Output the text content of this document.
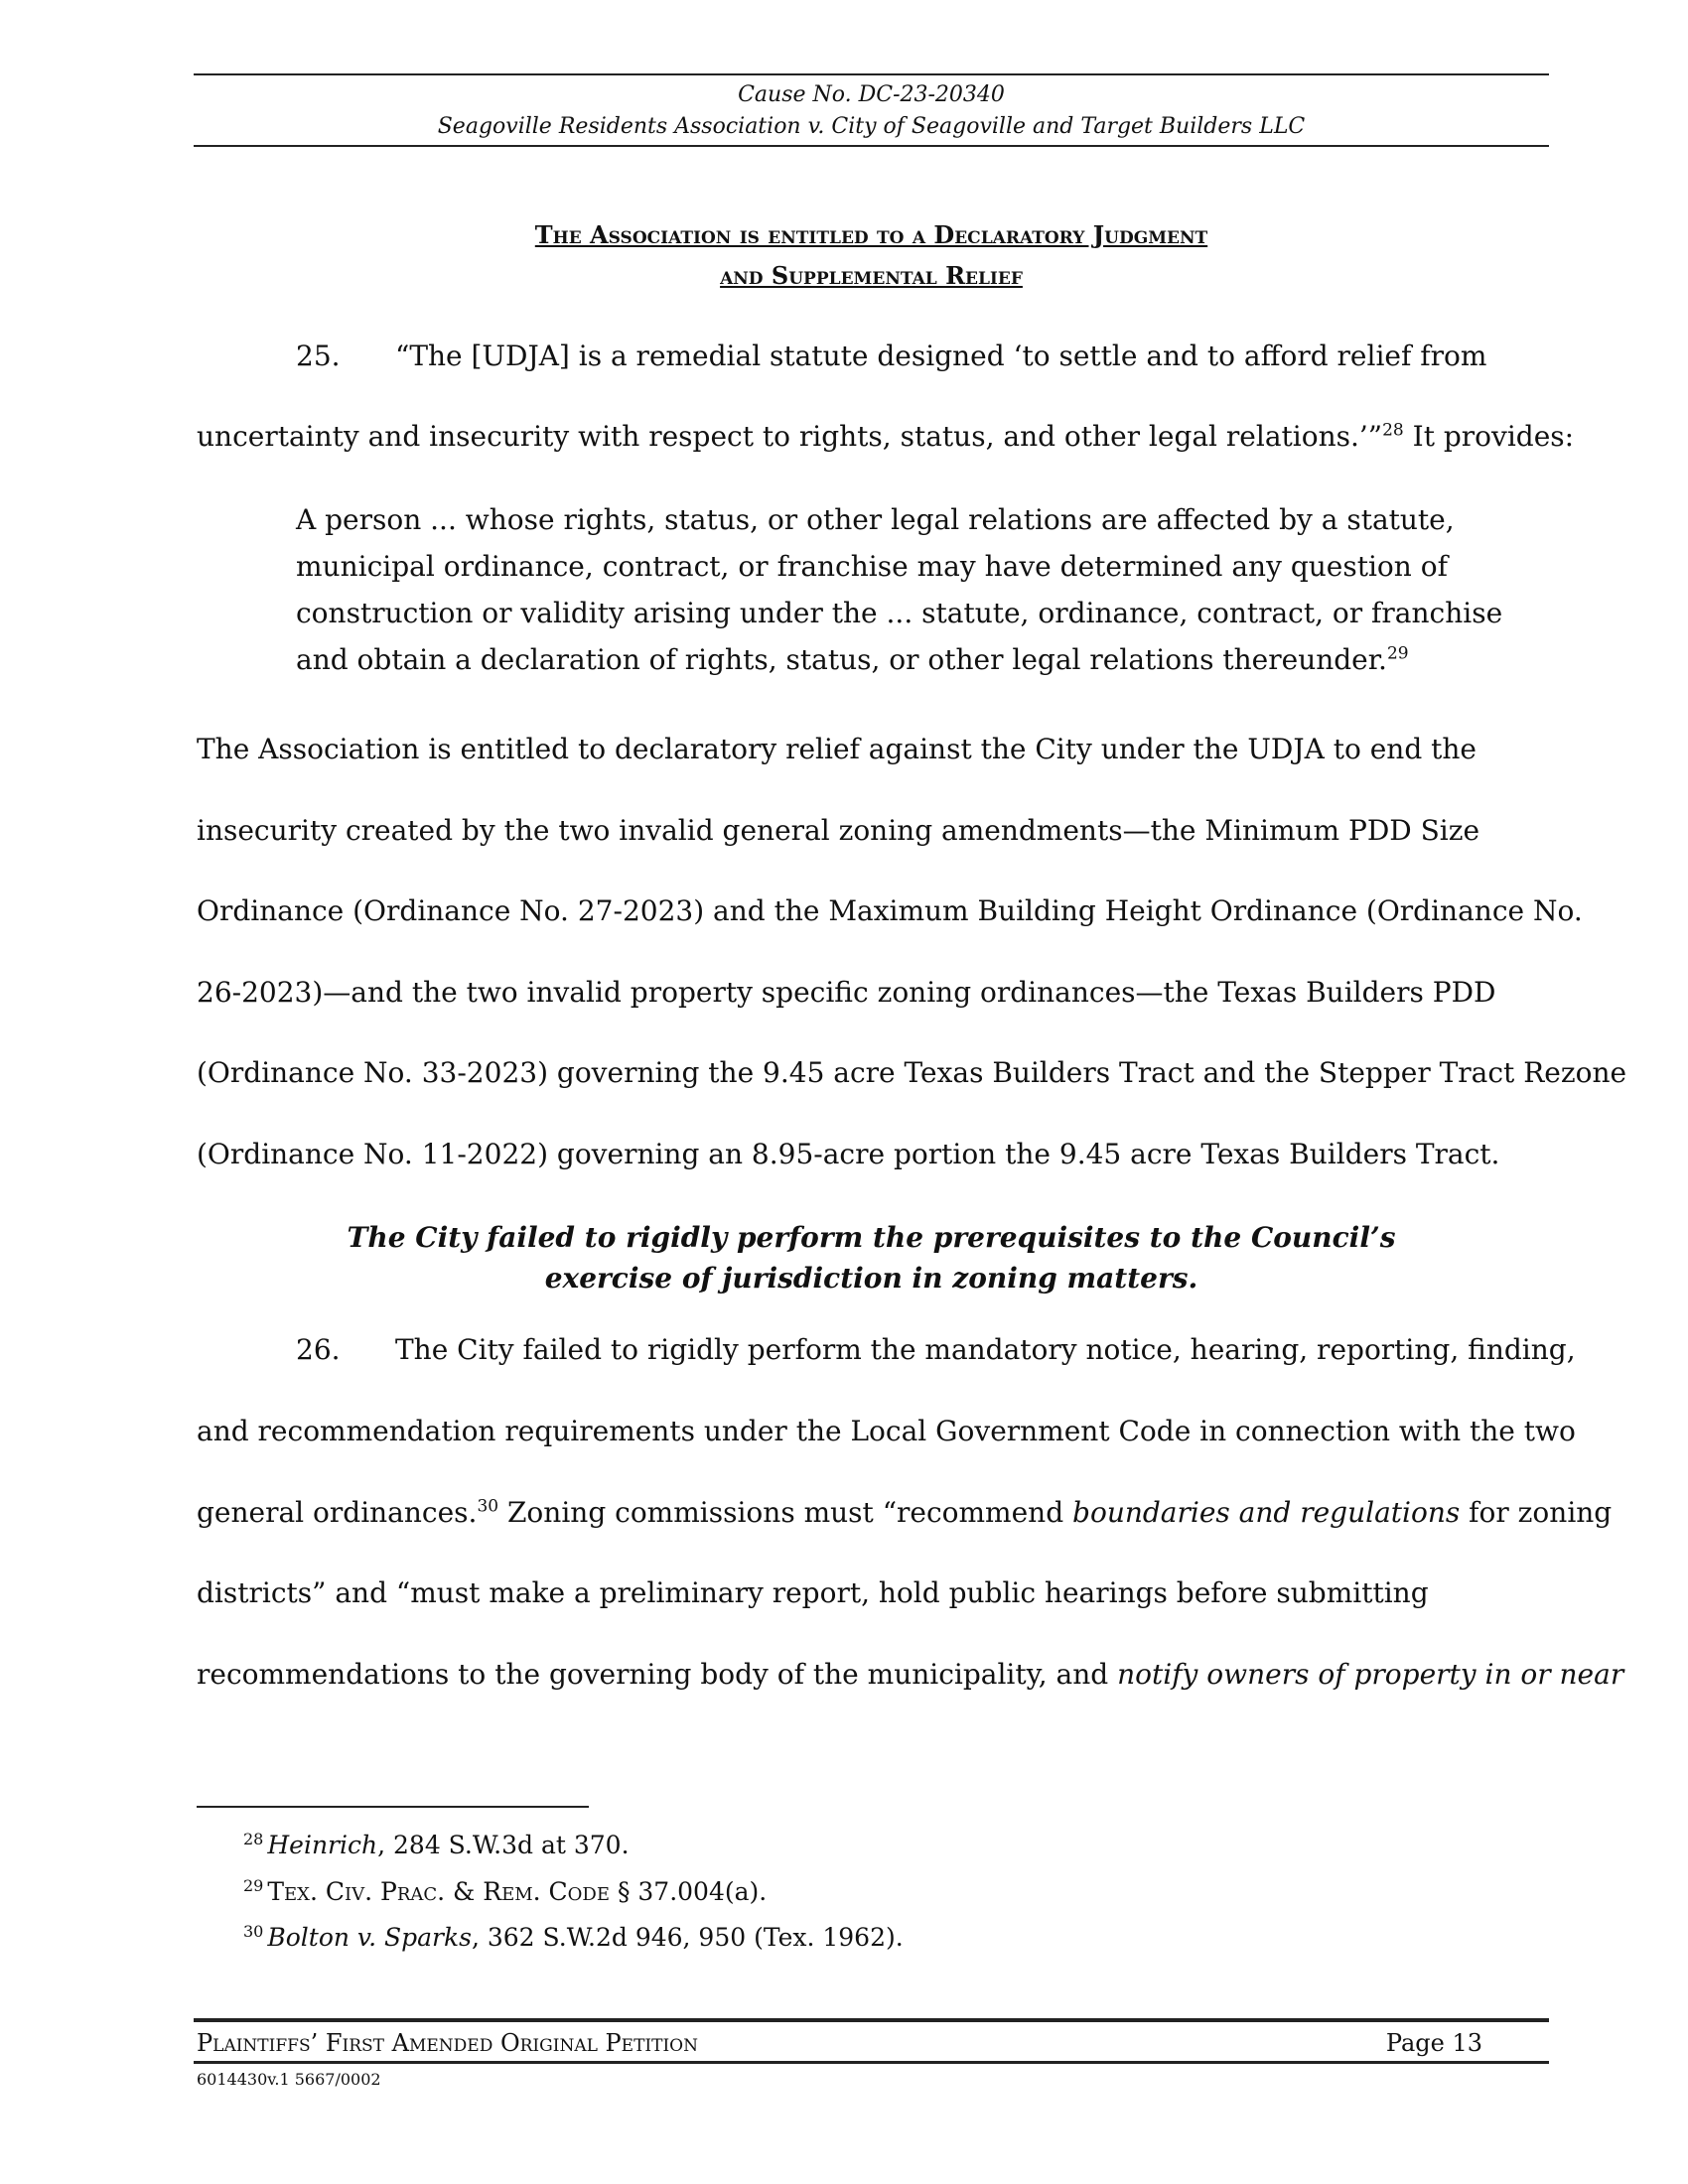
Cause No. DC-23-20340
Seagoville Residents Association v. City of Seagoville and Target Builders LLC
The Association is entitled to a Declaratory Judgment
and Supplemental Relief
25. “The [UDJA] is a remedial statute designed ‘to settle and to afford relief from
uncertainty and insecurity with respect to rights, status, and other legal relations.’”$^{28}$ It provides:
A person ... whose rights, status, or other legal relations are affected by a statute,
municipal ordinance, contract, or franchise may have determined any question of
construction or validity arising under the ... statute, ordinance, contract, or franchise
and obtain a declaration of rights, status, or other legal relations thereunder.$^{29}$
The Association is entitled to declaratory relief against the City under the UDJA to end the
insecurity created by the two invalid general zoning amendments—the Minimum PDD Size
Ordinance (Ordinance No. 27-2023) and the Maximum Building Height Ordinance (Ordinance No.
26-2023)—and the two invalid property specific zoning ordinances—the Texas Builders PDD
(Ordinance No. 33-2023) governing the 9.45 acre Texas Builders Tract and the Stepper Tract Rezone
(Ordinance No. 11-2022) governing an 8.95-acre portion the 9.45 acre Texas Builders Tract.
The City failed to rigidly perform the prerequisites to the Council’s
exercise of jurisdiction in zoning matters.
26. The City failed to rigidly perform the mandatory notice, hearing, reporting, finding,
and recommendation requirements under the Local Government Code in connection with the two
general ordinances.$^{30}$ Zoning commissions must “recommend boundaries and regulations for zoning
districts” and “must make a preliminary report, hold public hearings before submitting
recommendations to the governing body of the municipality, and notify owners of property in or near
$^{28}$ Heinrich, 284 S.W.3d at 370.
$^{29}$ Tex. Civ. Prac. & Rem. Code § 37.004(a).
$^{30}$ Bolton v. Sparks, 362 S.W.2d 946, 950 (Tex. 1962).
Plaintiffs’ First Amended Original Petition	Page 13
6014430v.1 5667/0002
